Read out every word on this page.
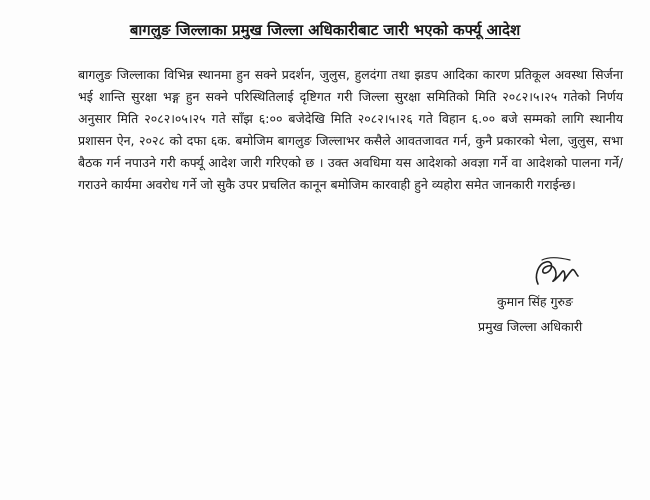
बागलुङ जिल्लाका प्रमुख जिल्ला अधिकारीबाट जारी भएको कर्फ्यू आदेश
बागलुङ जिल्लाका विभिन्न स्थानमा हुन सक्ने प्रदर्शन, जुलुस, हुलदंगा तथा झडप आदिका कारण प्रतिकूल अवस्था सिर्जना भई शान्ति सुरक्षा भङ्ग हुन सक्ने परिस्थितिलाई दृष्टिगत गरी जिल्ला सुरक्षा समितिको मिति २०८२।५।२५ गतेको निर्णय अनुसार मिति २०८२।०५।२५ गते साँझ ६:०० बजेदेखि मिति २०८२।५।२६ गते विहान ६.०० बजे सम्मको लागि स्थानीय प्रशासन ऐन, २०२८ को दफा ६क. बमोजिम बागलुङ जिल्लाभर कसैले आवतजावत गर्न, कुनै प्रकारको भेला, जुलुस, सभा बैठक गर्न नपाउने गरी कर्फ्यू आदेश जारी गरिएको छ । उक्त अवधिमा यस आदेशको अवज्ञा गर्ने वा आदेशको पालना गर्ने/गराउने कार्यमा अवरोध गर्ने जो सुकै उपर प्रचलित कानून बमोजिम कारवाही हुने व्यहोरा समेत जानकारी गराईन्छ।
कुमान सिंह गुरुङ
प्रमुख जिल्ला अधिकारी
